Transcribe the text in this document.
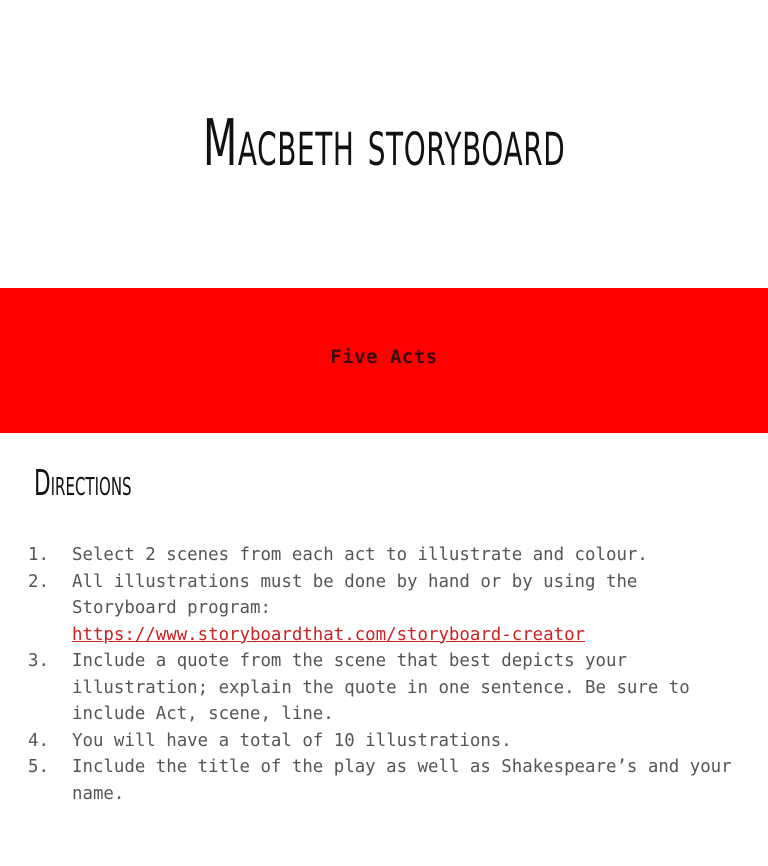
Macbeth storyboard
Five Acts
Directions
1. Select 2 scenes from each act to illustrate and colour.
2. All illustrations must be done by hand or by using the Storyboard program:
https://www.storyboardthat.com/storyboard-creator
3. Include a quote from the scene that best depicts your illustration; explain the quote in one sentence. Be sure to include Act, scene, line.
4. You will have a total of 10 illustrations.
5. Include the title of the play as well as Shakespeare’s and your name.
